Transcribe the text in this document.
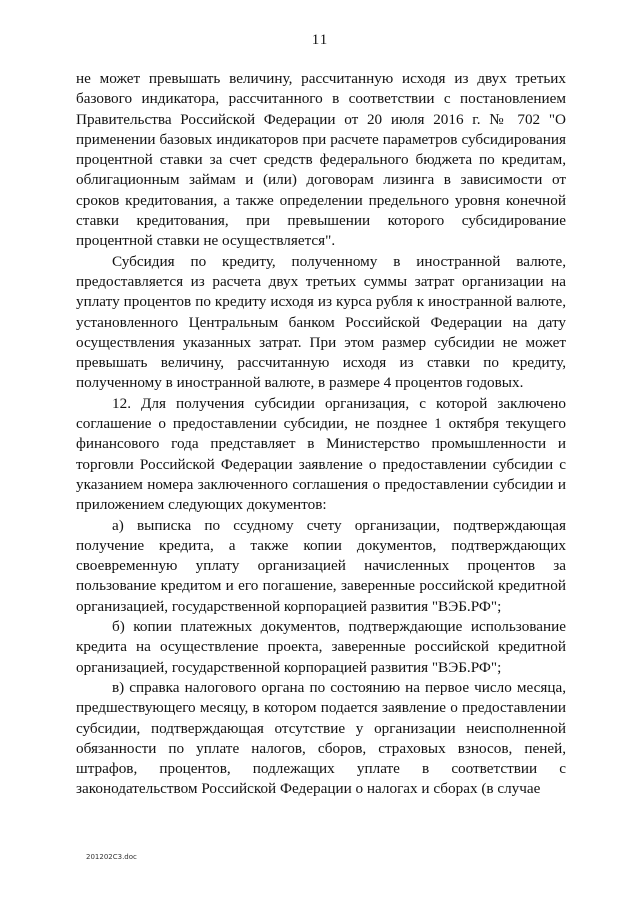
11

не может превышать величину, рассчитанную исходя из двух третьих базового индикатора, рассчитанного в соответствии с постановлением Правительства Российской Федерации от 20 июля 2016 г. № 702 "О применении базовых индикаторов при расчете параметров субсидирования процентной ставки за счет средств федерального бюджета по кредитам, облигационным займам и (или) договорам лизинга в зависимости от сроков кредитования, а также определении предельного уровня конечной ставки кредитования, при превышении которого субсидирование процентной ставки не осуществляется".

Субсидия по кредиту, полученному в иностранной валюте, предоставляется из расчета двух третьих суммы затрат организации на уплату процентов по кредиту исходя из курса рубля к иностранной валюте, установленного Центральным банком Российской Федерации на дату осуществления указанных затрат. При этом размер субсидии не может превышать величину, рассчитанную исходя из ставки по кредиту, полученному в иностранной валюте, в размере 4 процентов годовых.

12. Для получения субсидии организация, с которой заключено соглашение о предоставлении субсидии, не позднее 1 октября текущего финансового года представляет в Министерство промышленности и торговли Российской Федерации заявление о предоставлении субсидии с указанием номера заключенного соглашения о предоставлении субсидии и приложением следующих документов:

а) выписка по ссудному счету организации, подтверждающая получение кредита, а также копии документов, подтверждающих своевременную уплату организацией начисленных процентов за пользование кредитом и его погашение, заверенные российской кредитной организацией, государственной корпорацией развития "ВЭБ.РФ";

б) копии платежных документов, подтверждающие использование кредита на осуществление проекта, заверенные российской кредитной организацией, государственной корпорацией развития "ВЭБ.РФ";

в) справка налогового органа по состоянию на первое число месяца, предшествующего месяцу, в котором подается заявление о предоставлении субсидии, подтверждающая отсутствие у организации неисполненной обязанности по уплате налогов, сборов, страховых взносов, пеней, штрафов, процентов, подлежащих уплате в соответствии с законодательством Российской Федерации о налогах и сборах (в случае

201202C3.doc
